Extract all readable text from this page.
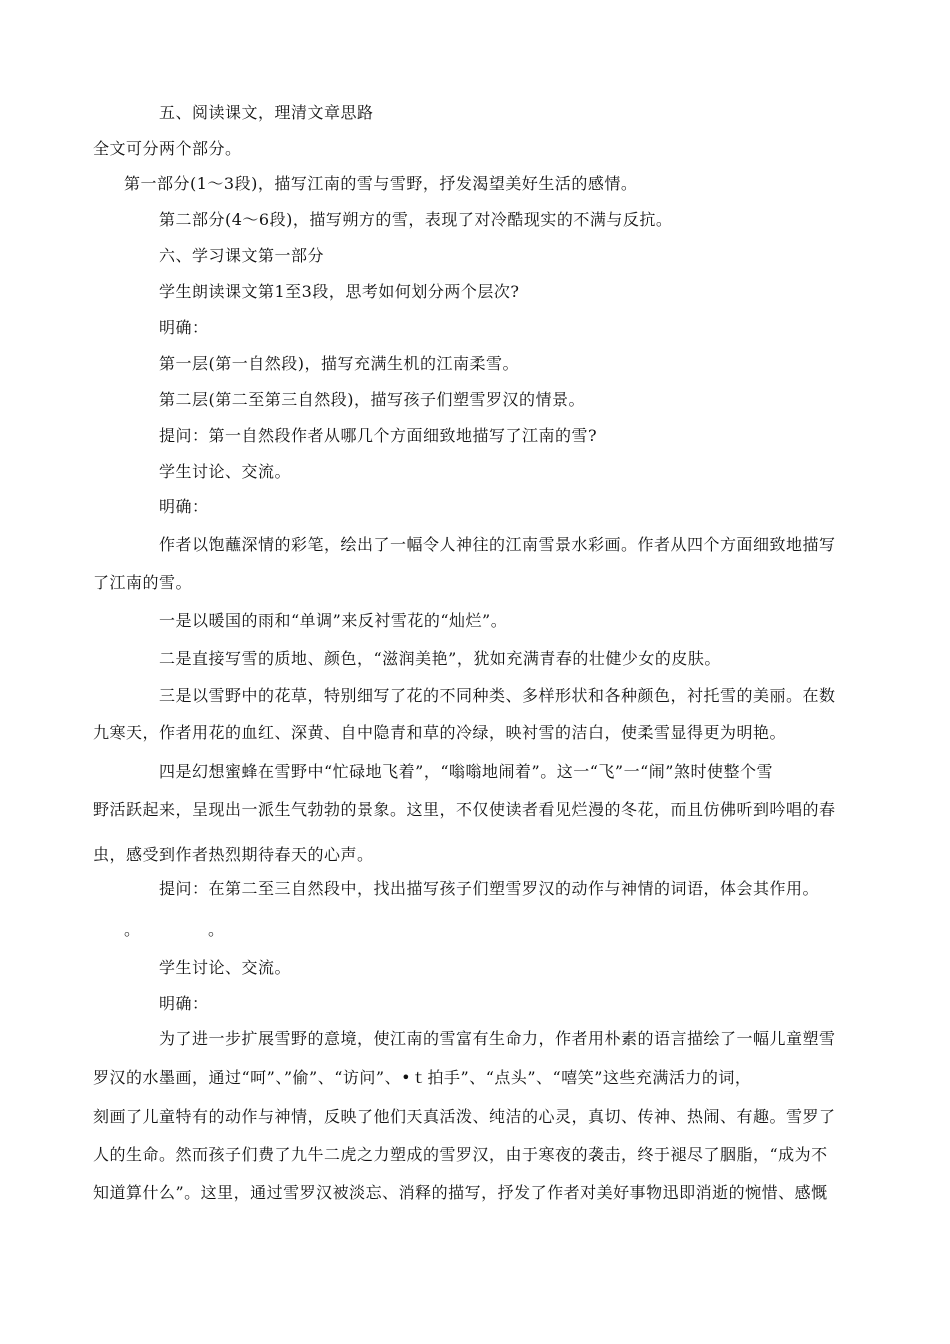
五、阅读课文，理清文章思路
全文可分两个部分。
第一部分(1～3段)，描写江南的雪与雪野，抒发渴望美好生活的感情。
第二部分(4～6段)，描写朔方的雪，表现了对冷酷现实的不满与反抗。
六、学习课文第一部分
学生朗读课文第1至3段，思考如何划分两个层次?
明确：
第一层(第一自然段)，描写充满生机的江南柔雪。
第二层(第二至第三自然段)，描写孩子们塑雪罗汉的情景。
提问：第一自然段作者从哪几个方面细致地描写了江南的雪?
学生讨论、交流。
明确：
作者以饱蘸深情的彩笔，绘出了一幅令人神往的江南雪景水彩画。作者从四个方面细致地描写
了江南的雪。
一是以暖国的雨和“单调”来反衬雪花的“灿烂”。
二是直接写雪的质地、颜色，“滋润美艳”，犹如充满青春的壮健少女的皮肤。
三是以雪野中的花草，特别细写了花的不同种类、多样形状和各种颜色，衬托雪的美丽。在数
九寒天，作者用花的血红、深黄、自中隐青和草的冷绿，映衬雪的洁白，使柔雪显得更为明艳。
四是幻想蜜蜂在雪野中“忙碌地飞着”，“嗡嗡地闹着”。这一“飞”一“闹”煞时使整个雪
野活跃起来，呈现出一派生气勃勃的景象。这里，不仅使读者看见烂漫的冬花，而且仿佛听到吟唱的春
虫，感受到作者热烈期待春天的心声。
提问：在第二至三自然段中，找出描写孩子们塑雪罗汉的动作与神情的词语，体会其作用。
。	。
学生讨论、交流。
明确：
为了进一步扩展雪野的意境，使江南的雪富有生命力，作者用朴素的语言描绘了一幅儿童塑雪
罗汉的水墨画，通过“呵”、”偷”、“访问”、•ｔ拍手”、“点头”、“嘻笑”这些充满活力的词，
刻画了儿童特有的动作与神情，反映了他们天真活泼、纯洁的心灵，真切、传神、热闹、有趣。雪罗了
人的生命。然而孩子们费了九牛二虎之力塑成的雪罗汉，由于寒夜的袭击，终于褪尽了胭脂，“成为不
知道算什么”。这里，通过雪罗汉被淡忘、消释的描写，抒发了作者对美好事物迅即消逝的惋惜、感慨
